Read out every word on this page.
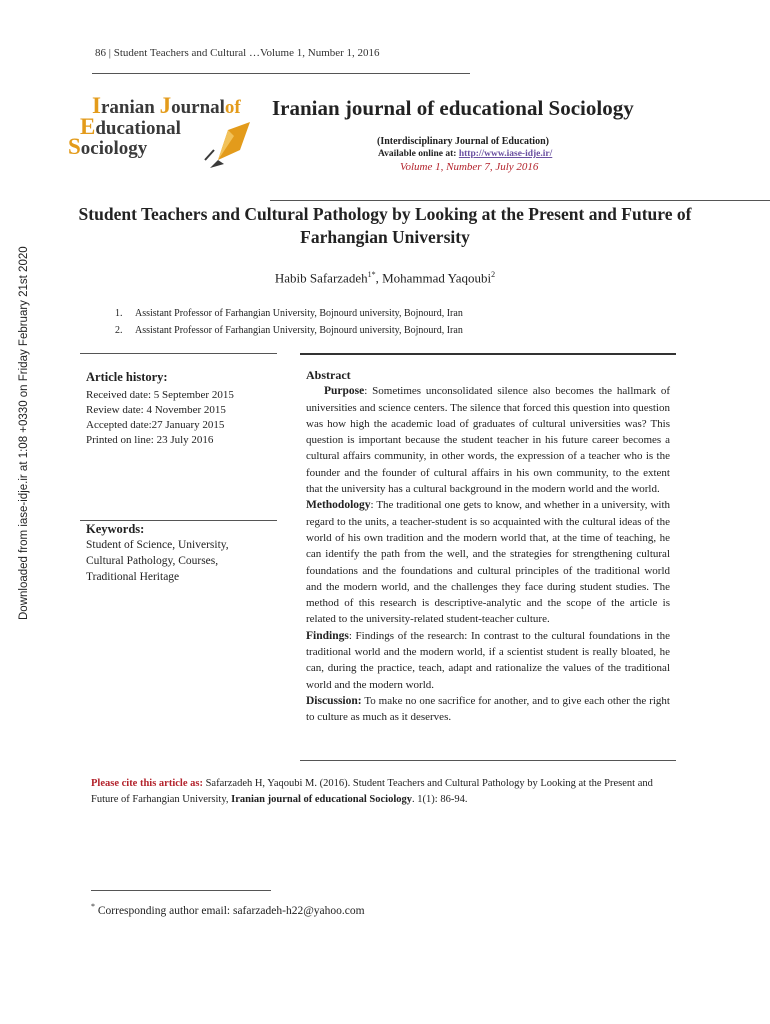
Downloaded from iase-idje.ir at 1:08 +0330 on Friday February 21st 2020
86 | Student Teachers and Cultural …Volume 1, Number 1, 2016
Iranian Journalof
Educational
Sociology
Iranian journal of educational Sociology
(Interdisciplinary Journal of Education)
Available online at: http://www.iase-idje.ir/
Volume 1, Number 7, July 2016
Student Teachers and Cultural Pathology by Looking at the Present and Future of Farhangian University
Habib Safarzadeh$^{1*}$, Mohammad Yaqoubi$^2$
1. Assistant Professor of Farhangian University, Bojnourd university, Bojnourd, Iran
2. Assistant Professor of Farhangian University, Bojnourd university, Bojnourd, Iran
Article history:
Received date: 5 September 2015
Review date: 4 November 2015
Accepted date:27 January 2015
Printed on line: 23 July 2016
Keywords:
Student of Science, University,
Cultural Pathology, Courses,
Traditional Heritage
Abstract

Purpose: Sometimes unconsolidated silence also becomes the hallmark of universities and science centers. The silence that forced this question into question was how high the academic load of graduates of cultural universities was? This question is important because the student teacher in his future career becomes a cultural affairs community, in other words, the expression of a teacher who is the founder and the founder of cultural affairs in his own community, to the extent that the university has a cultural background in the modern world and the world.

Methodology: The traditional one gets to know, and whether in a university, with regard to the units, a teacher-student is so acquainted with the cultural ideas of the world of his own tradition and the modern world that, at the time of teaching, he can identify the path from the well, and the strategies for strengthening cultural foundations and the foundations and cultural principles of the traditional world and the modern world, and the challenges they face during student studies. The method of this research is descriptive-analytic and the scope of the article is related to the university-related student-teacher culture.

Findings: Findings of the research: In contrast to the cultural foundations in the traditional world and the modern world, if a scientist student is really bloated, he can, during the practice, teach, adapt and rationalize the values of the traditional world and the modern world.

Discussion: To make no one sacrifice for another, and to give each other the right to culture as much as it deserves.

Please cite this article as: Safarzadeh H, Yaqoubi M. (2016). Student Teachers and Cultural Pathology by Looking at the Present and Future of Farhangian University, Iranian journal of educational Sociology. 1(1): 86-94.
* Corresponding author email: safarzadeh-h22@yahoo.com
